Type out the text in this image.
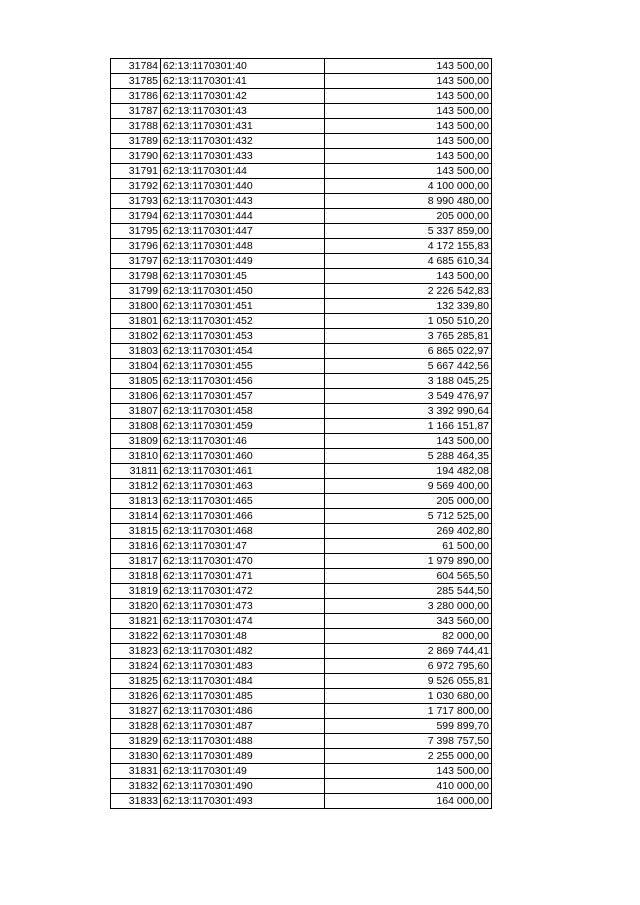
31784	62:13:1170301:40	143 500,00
31785	62:13:1170301:41	143 500,00
31786	62:13:1170301:42	143 500,00
31787	62:13:1170301:43	143 500,00
31788	62:13:1170301:431	143 500,00
31789	62:13:1170301:432	143 500,00
31790	62:13:1170301:433	143 500,00
31791	62:13:1170301:44	143 500,00
31792	62:13:1170301:440	4 100 000,00
31793	62:13:1170301:443	8 990 480,00
31794	62:13:1170301:444	205 000,00
31795	62:13:1170301:447	5 337 859,00
31796	62:13:1170301:448	4 172 155,83
31797	62:13:1170301:449	4 685 610,34
31798	62:13:1170301:45	143 500,00
31799	62:13:1170301:450	2 226 542,83
31800	62:13:1170301:451	132 339,80
31801	62:13:1170301:452	1 050 510,20
31802	62:13:1170301:453	3 765 285,81
31803	62:13:1170301:454	6 865 022,97
31804	62:13:1170301:455	5 667 442,56
31805	62:13:1170301:456	3 188 045,25
31806	62:13:1170301:457	3 549 476,97
31807	62:13:1170301:458	3 392 990,64
31808	62:13:1170301:459	1 166 151,87
31809	62:13:1170301:46	143 500,00
31810	62:13:1170301:460	5 288 464,35
31811	62:13:1170301:461	194 482,08
31812	62:13:1170301:463	9 569 400,00
31813	62:13:1170301:465	205 000,00
31814	62:13:1170301:466	5 712 525,00
31815	62:13:1170301:468	269 402,80
31816	62:13:1170301:47	61 500,00
31817	62:13:1170301:470	1 979 890,00
31818	62:13:1170301:471	604 565,50
31819	62:13:1170301:472	285 544,50
31820	62:13:1170301:473	3 280 000,00
31821	62:13:1170301:474	343 560,00
31822	62:13:1170301:48	82 000,00
31823	62:13:1170301:482	2 869 744,41
31824	62:13:1170301:483	6 972 795,60
31825	62:13:1170301:484	9 526 055,81
31826	62:13:1170301:485	1 030 680,00
31827	62:13:1170301:486	1 717 800,00
31828	62:13:1170301:487	599 899,70
31829	62:13:1170301:488	7 398 757,50
31830	62:13:1170301:489	2 255 000,00
31831	62:13:1170301:49	143 500,00
31832	62:13:1170301:490	410 000,00
31833	62:13:1170301:493	164 000,00
